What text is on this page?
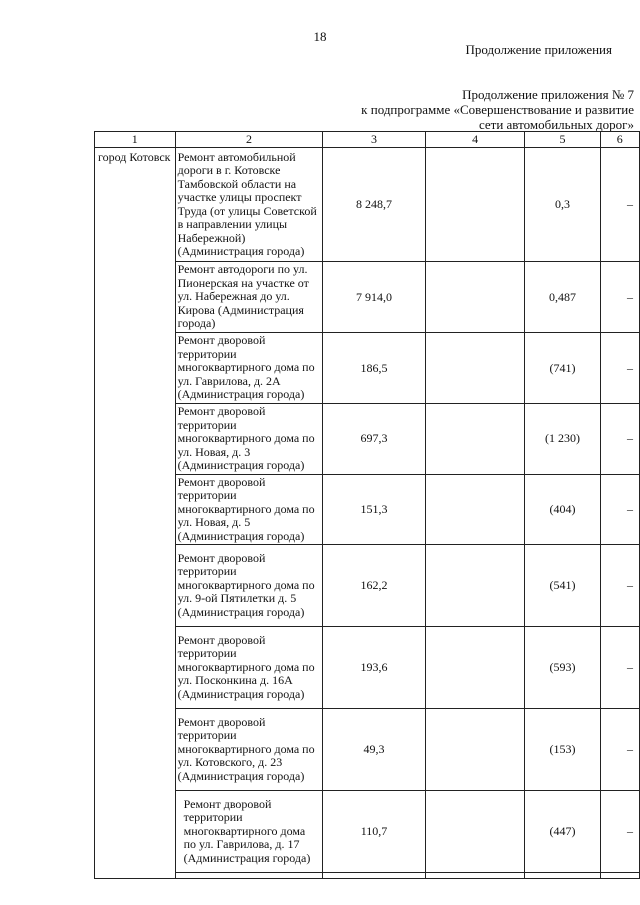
18
Продолжение приложения
Продолжение приложения № 7
к подпрограмме «Совершенствование и развитие
сети автомобильных дорог»
1	2	3	4	5	6
город Котовск	Ремонт автомобильной дороги в г. Котовске Тамбовской области на участке улицы проспект Труда (от улицы Советской в направлении улицы Набережной) (Администрация города)	8 248,7		0,3	–
	Ремонт автодороги по ул. Пионерская на участке от ул. Набережная до ул. Кирова (Администрация города)	7 914,0		0,487	–
	Ремонт дворовой территории многоквартирного дома по ул. Гаврилова, д. 2А (Администрация города)	186,5		(741)	–
	Ремонт дворовой территории многоквартирного дома по ул. Новая, д. 3 (Администрация города)	697,3		(1 230)	–
	Ремонт дворовой территории многоквартирного дома по ул. Новая, д. 5 (Администрация города)	151,3		(404)	–
	Ремонт дворовой территории многоквартирного дома по ул. 9-ой Пятилетки д. 5 (Администрация города)	162,2		(541)	–
	Ремонт дворовой территории многоквартирного дома по ул. Посконкина д. 16А (Администрация города)	193,6		(593)	–
	Ремонт дворовой территории многоквартирного дома по ул. Котовского, д. 23 (Администрация города)	49,3		(153)	–
	Ремонт дворовой территории многоквартирного дома по ул. Гаврилова, д. 17 (Администрация города)	110,7		(447)	–
